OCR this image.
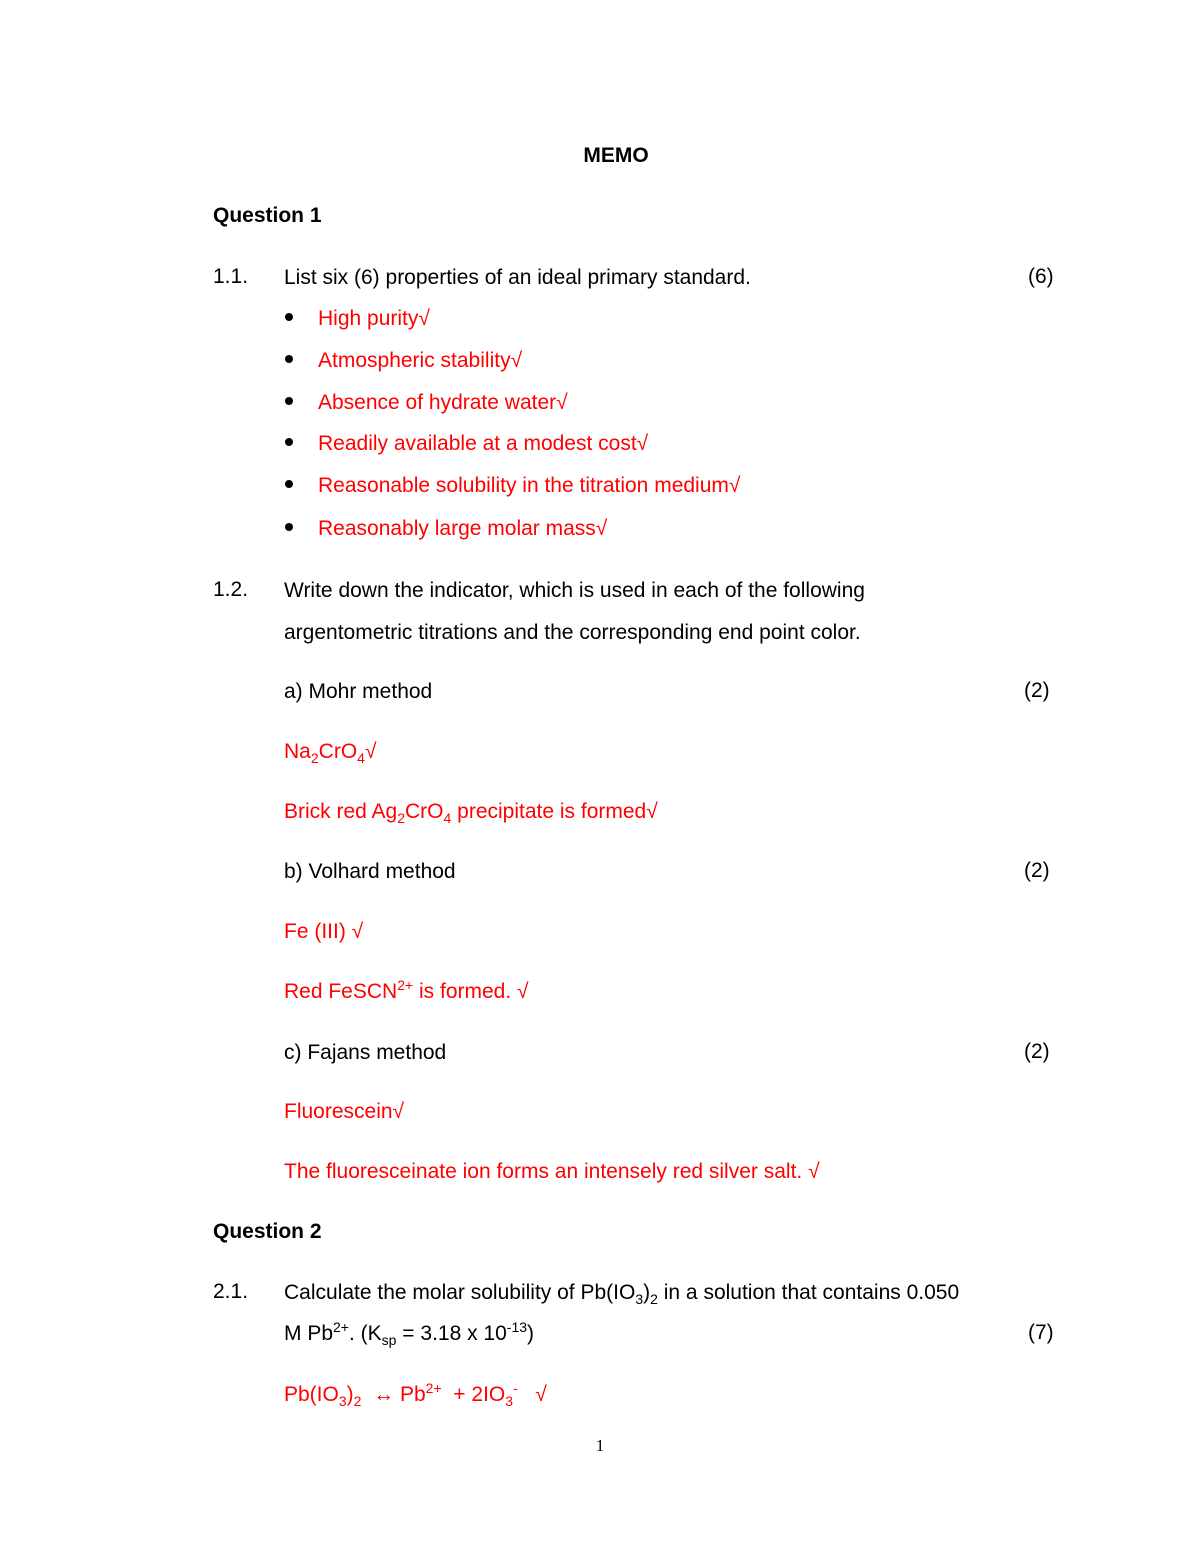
MEMO
Question 1
1.1. List six (6) properties of an ideal primary standard.	(6)
High purity√
Atmospheric stability√
Absence of hydrate water√
Readily available at a modest cost√
Reasonable solubility in the titration medium√
Reasonably large molar mass√
1.2. Write down the indicator, which is used in each of the following
argentometric titrations and the corresponding end point color.
a) Mohr method	(2)
$Na_2CrO_4√$
Brick red $Ag_2CrO_4$ precipitate is formed√
b) Volhard method	(2)
Fe (III) √
Red FeSCN$^{2+}$ is formed. √
c) Fajans method	(2)
Fluorescein√
The fluoresceinate ion forms an intensely red silver salt. √
Question 2
2.1. Calculate the molar solubility of $Pb(IO_3)_2$ in a solution that contains 0.050
M $Pb^{2+}$. ($K_{sp} = 3.18$ x $10^{-13}$)	(7)
$Pb(IO_3)_2$  ↔ $Pb^{2+} + 2IO_3^-$   √
1
